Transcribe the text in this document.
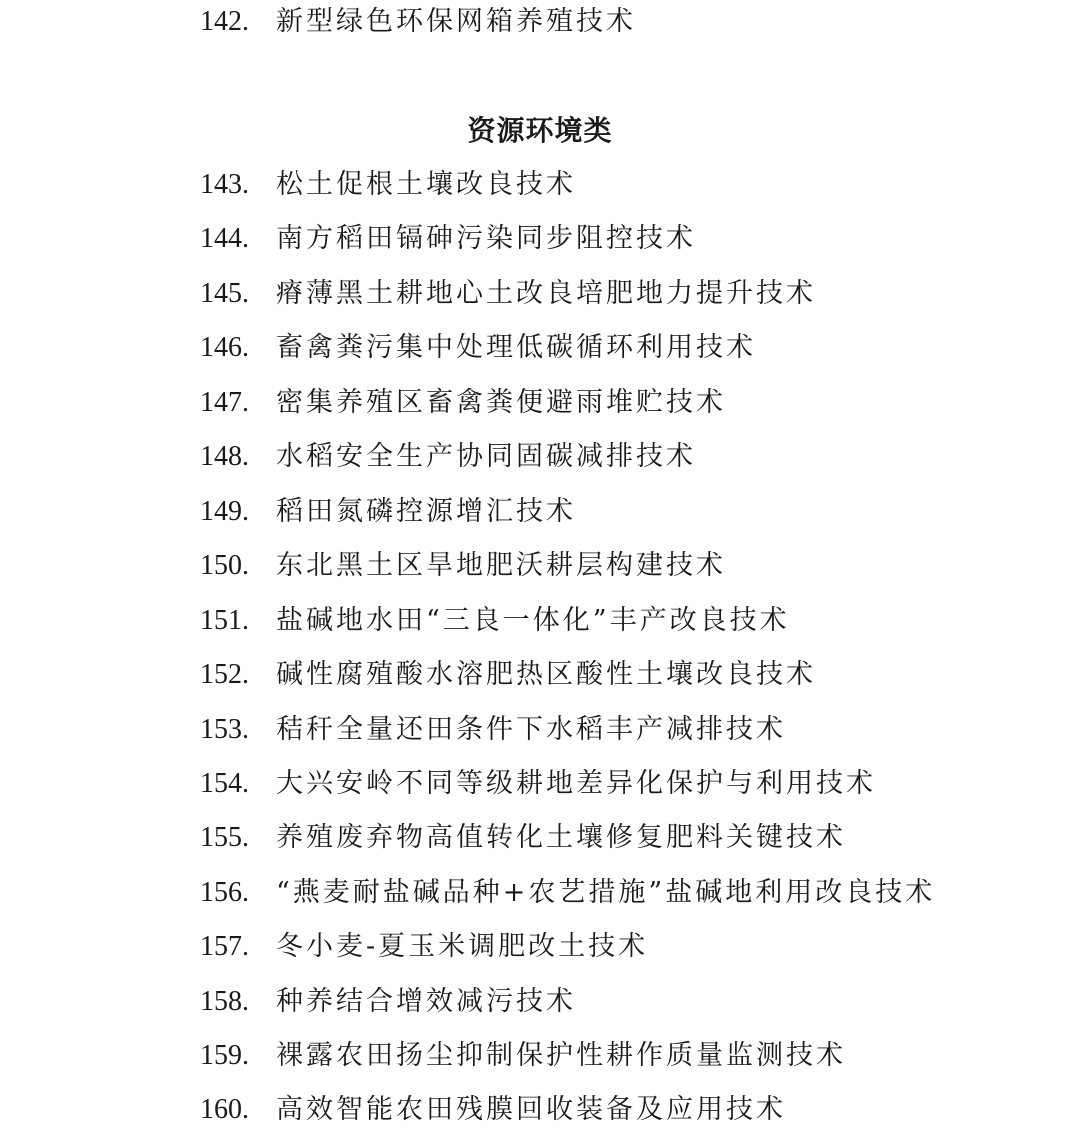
142.	新型绿色环保网箱养殖技术
资源环境类
143.	松土促根土壤改良技术
144.	南方稻田镉砷污染同步阻控技术
145.	瘠薄黑土耕地心土改良培肥地力提升技术
146.	畜禽粪污集中处理低碳循环利用技术
147.	密集养殖区畜禽粪便避雨堆贮技术
148.	水稻安全生产协同固碳减排技术
149.	稻田氮磷控源增汇技术
150.	东北黑土区旱地肥沃耕层构建技术
151.	盐碱地水田“三良一体化”丰产改良技术
152.	碱性腐殖酸水溶肥热区酸性土壤改良技术
153.	秸秆全量还田条件下水稻丰产减排技术
154.	大兴安岭不同等级耕地差异化保护与利用技术
155.	养殖废弃物高值转化土壤修复肥料关键技术
156.	“燕麦耐盐碱品种+农艺措施”盐碱地利用改良技术
157.	冬小麦-夏玉米调肥改土技术
158.	种养结合增效减污技术
159.	裸露农田扬尘抑制保护性耕作质量监测技术
160.	高效智能农田残膜回收装备及应用技术
